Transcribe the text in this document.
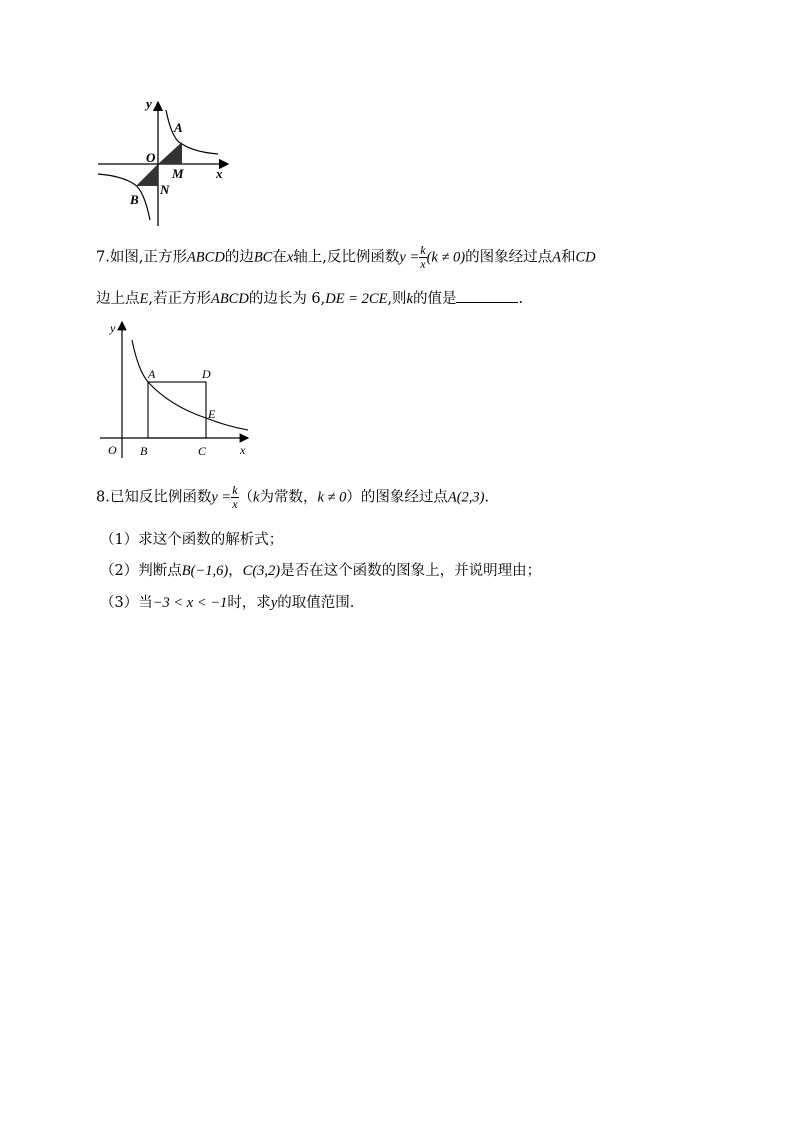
y
x
O
A
M
N
B
7.如图,正方形ABCD的边BC在x轴上,反比例函数$y = \frac{k}{x} (k \ne 0)$的图象经过点A和CD
边上点E,若正方形ABCD的边长为 6,DE = 2CE,则k的值是	.
y
x
O
A	D
E
B	C
8.已知反比例函数$y = \frac{k}{x} (k$为常数，k ≠ 0）的图象经过点A(2,3).
（1）求这个函数的解析式；
（2）判断点B(−1,6)，C(3,2)是否在这个函数的图象上，并说明理由；
（3）当−3 < x < −1时，求y的取值范围.
